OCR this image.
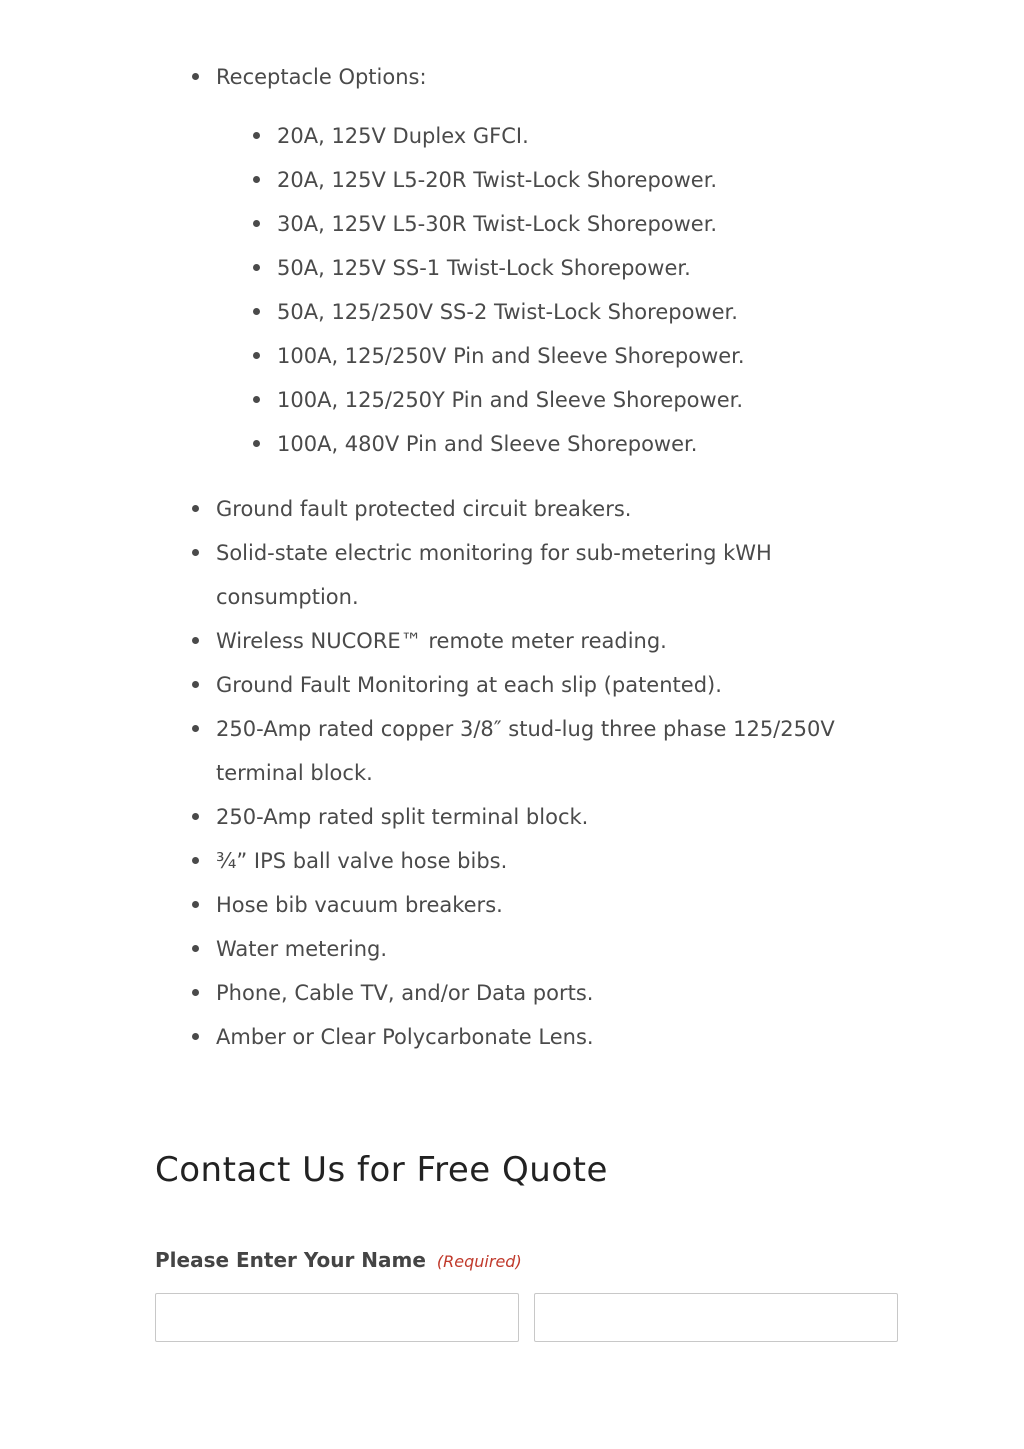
Receptacle Options:
20A, 125V Duplex GFCI.
20A, 125V L5-20R Twist-Lock Shorepower.
30A, 125V L5-30R Twist-Lock Shorepower.
50A, 125V SS-1 Twist-Lock Shorepower.
50A, 125/250V SS-2 Twist-Lock Shorepower.
100A, 125/250V Pin and Sleeve Shorepower.
100A, 125/250Y Pin and Sleeve Shorepower.
100A, 480V Pin and Sleeve Shorepower.
Ground fault protected circuit breakers.
Solid-state electric monitoring for sub-metering kWH consumption.
Wireless NUCORE™ remote meter reading.
Ground Fault Monitoring at each slip (patented).
250-Amp rated copper 3/8″ stud-lug three phase 125/250V terminal block.
250-Amp rated split terminal block.
¾” IPS ball valve hose bibs.
Hose bib vacuum breakers.
Water metering.
Phone, Cable TV, and/or Data ports.
Amber or Clear Polycarbonate Lens.
Contact Us for Free Quote
Please Enter Your Name (Required)
